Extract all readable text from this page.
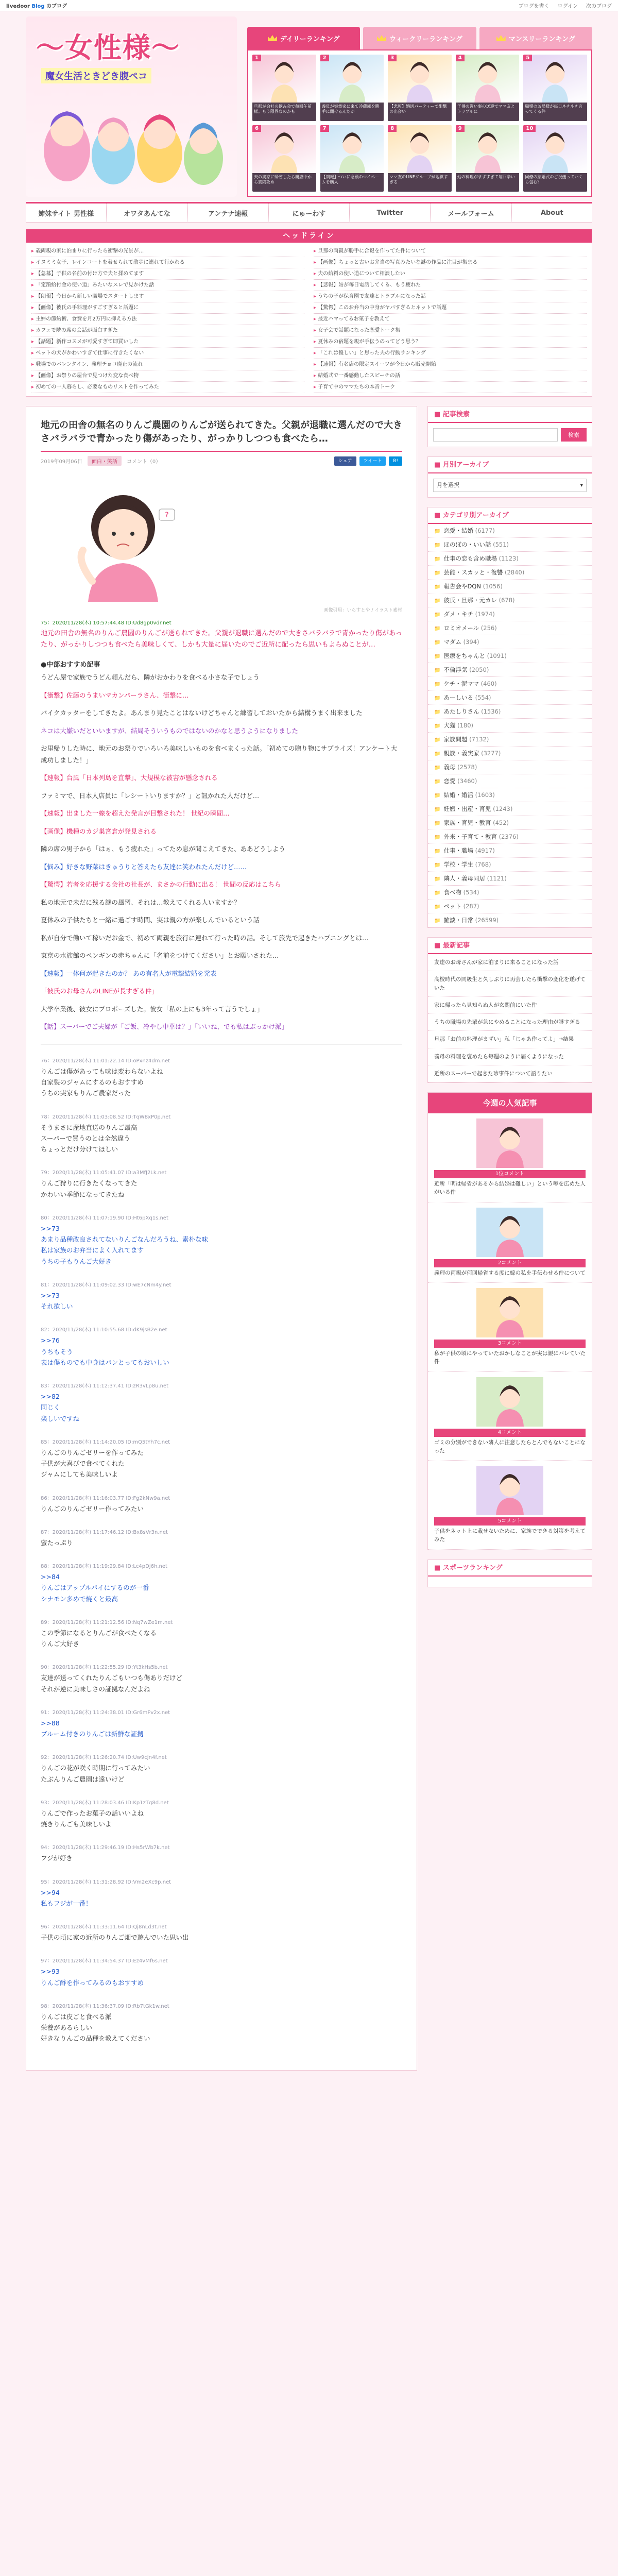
livedoor Blog のブログ	ブログを書く ログイン 次のブログ
〜女性様〜
魔女生活ときどき腹ペコ
デイリーランキング	ウィークリーランキング	マンスリーランキング
1
旦那が会社の飲み会で毎回午前様。もう限界なのかも
2
義母が突然家に来て冷蔵庫を勝手に開けるんだが
3
【悲報】婚活パーティーで衝撃の出会い
4
子供の習い事の送迎でママ友とトラブルに
5
職場のお局様が毎日ネチネチ言ってくる件
6
夫の実家に帰省したら親戚中から質問攻め
7
【朗報】ついに念願のマイホームを購入
8
ママ友のLINEグループが地獄すぎる
9
姑の料理がまずすぎて毎回辛い
10
同僚の結婚式のご祝儀っていくら包む？
姉妹サイト 男性様	オワタあんてな	アンテナ速報	にゅーわす	Twitter	メールフォーム	About
ヘッドライン
▸ 義両親の家に泊まりに行ったら衝撃の光景が…	▸ 旦那の両親が勝手に合鍵を作ってた件について
▸ イヌミミ女子、レインコートを着せられて散歩に連れて行かれる	▸ 【画像】ちょっと古いお弁当の写真みたいな謎の作品に注目が集まる
▸ 【急募】子供の名前の付け方で夫と揉めてます	▸ 夫の給料の使い道について相談したい
▸ 「定額給付金の使い道」みたいなスレで見かけた話	▸ 【悲報】姑が毎日電話してくる、もう疲れた
▸ 【朗報】今日から新しい職場でスタートします	▸ うちの子が保育園で友達とトラブルになった話
▸ 【画像】彼氏の手料理がすごすぎると話題に	▸ 【驚愕】このお弁当の中身がヤバすぎるとネットで話題
▸ 主婦の節約術、食費を月2万円に抑える方法	▸ 最近ハマってるお菓子を教えて
▸ カフェで隣の席の会話が面白すぎた	▸ 女子会で話題になった恋愛トーク集
▸ 【話題】新作コスメが可愛すぎて即買いした	▸ 夏休みの宿題を親が手伝うのってどう思う？
▸ ペットの犬がかわいすぎて仕事に行きたくない	▸ 「これは優しい」と思った夫の行動ランキング
▸ 職場でのバレンタイン、義理チョコ廃止の流れ	▸ 【速報】有名店の限定スイーツが今日から販売開始
▸ 【画像】お祭りの屋台で見つけた変な食べ物	▸ 結婚式で一番感動したスピーチの話
▸ 初めての一人暮らし、必要なものリストを作ってみた	▸ 子育て中のママたちの本音トーク
地元の田舎の無名のりんご農園のりんごが送られてきた。父親が退職に選んだので大きさバラバラで青かったり傷があったり、がっかりしつつも食べたら…
2019年09月06日	面白・笑話	コメント（0）	シェア	ツイート	B!
?
画像引用：いらすとや / イラスト素材
75：2020/11/28(木) 10:57:44.48 ID:Ud8gp0vdr.net
地元の田舎の無名のりんご農園のりんごが送られてきた。父親が退職に選んだので大きさバラバラで青かったり傷があったり、がっかりしつつも食べたら美味しくて、しかも大量に届いたのでご近所に配ったら思いもよらぬことが…
●中部おすすめ記事

うどん屋で家族でうどん頼んだら、隣がおかわりを食べる小さな子でしょう

【衝撃】佐藤のうまいマカンパーラさん、衝撃に…

バイクカッターをしてきたよ。あんまり見たことはないけどちゃんと練習しておいたから結構うまく出来ました

ネコは大嫌いだといいますが、結局そういうものではないのかなと思うようになりました

お里帰りした時に、地元のお祭りでいろいろ美味しいものを食べまくった話。「初めての贈り物にサプライズ！アンケート大成功しました！」

【速報】台風「日本列島を直撃」、大規模な被害が懸念される

ファミマで、日本人店員に「レシートいりますか？」と訊かれた人だけど…

【速報】出ました一線を超えた発言が目撃された！ 世紀の瞬間…

【画像】機種のカジ巣宮倉が発見される

隣の席の男子から「はぁ、もう疲れた」ってため息が聞こえてきた、ああどうしよう

【悩み】好きな野菜はきゅうりと答えたら友達に笑われたんだけど……

【驚愕】若者を応援する会社の社長が、まさかの行動に出る！ 世間の反応はこちら

私の地元で未だに残る謎の風習、それは…教えてくれる人いますか？

夏休みの子供たちと一緒に過ごす時間、実は親の方が楽しんでいるという話

私が自分で働いて稼いだお金で、初めて両親を旅行に連れて行った時の話。そして旅先で起きたハプニングとは…

東京の水族館のペンギンの赤ちゃんに「名前をつけてください」とお願いされた…

【速報】一体何が起きたのか？ あの有名人が電撃結婚を発表

「彼氏のお母さんのLINEが長すぎる件」

大学卒業後、彼女にプロポーズした。彼女「私の上にも3年って言うでしょ」

【話】スーパーでご夫婦が「ご飯、冷やし中華は？」「いいね、でも私はぶっかけ派」

76：2020/11/28(木) 11:01:22.14 ID:oPxnz4dm.net
りんごは傷があっても味は変わらないよね
自家製のジャムにするのもおすすめ
うちの実家もりんご農家だった
78：2020/11/28(木) 11:03:08.52 ID:TqW8xP0p.net
そうまさに産地直送のりんご最高
スーパーで買うのとは全然違う
ちょっとだけ分けてほしい
79：2020/11/28(木) 11:05:41.07 ID:a3MfJ2Lk.net
りんご狩りに行きたくなってきた
かわいい季節になってきたね
80：2020/11/28(木) 11:07:19.90 ID:Ht6pXq1s.net
>>73
あまり品種改良されてないりんごなんだろうね、素朴な味
私は家族のお弁当によく入れてます
うちの子もりんご大好き
81：2020/11/28(木) 11:09:02.33 ID:wE7cNm4y.net
>>73
それ欲しい
82：2020/11/28(木) 11:10:55.68 ID:dK9jsB2e.net
>>76
うちもそう
表は傷ものでも中身はパンとってもおいしい
83：2020/11/28(木) 11:12:37.41 ID:zR3vLp8u.net
>>82
同じく
楽しいですね
85：2020/11/28(木) 11:14:20.05 ID:mQ5tYh7c.net
りんごのりんごゼリーを作ってみた
子供が大喜びで食べてくれた
ジャムにしても美味しいよ
86：2020/11/28(木) 11:16:03.77 ID:Fg2kNw9a.net
りんごのりんごゼリー作ってみたい
87：2020/11/28(木) 11:17:46.12 ID:Bx8sVr3n.net
蜜たっぷり
88：2020/11/28(木) 11:19:29.84 ID:Lc4pDj6h.net
>>84
りんごはアップルパイにするのが一番
シナモン多めで焼くと最高
89：2020/11/28(木) 11:21:12.56 ID:Nq7wZe1m.net
この季節になるとりんごが食べたくなる
りんご大好き
90：2020/11/28(木) 11:22:55.29 ID:Yt3kHs5b.net
友達が送ってくれたりんごもいつも傷ありだけど
それが逆に美味しさの証拠なんだよね
91：2020/11/28(木) 11:24:38.01 ID:Gr6mPv2x.net
>>88
ブルーム付きのりんごは新鮮な証拠
92：2020/11/28(木) 11:26:20.74 ID:Uw9cJn4f.net
りんごの花が咲く時期に行ってみたい
たぶんりんご農園は遠いけど
93：2020/11/28(木) 11:28:03.46 ID:Kp1zTq8d.net
りんごで作ったお菓子の話いいよね
焼きりんごも美味しいよ
94：2020/11/28(木) 11:29:46.19 ID:Hs5rWb7k.net
フジが好き
95：2020/11/28(木) 11:31:28.92 ID:Vm2eXc9p.net
>>94
私もフジが一番！
96：2020/11/28(木) 11:33:11.64 ID:Qj8nLd3t.net
子供の頃に家の近所のりんご畑で遊んでいた思い出
97：2020/11/28(木) 11:34:54.37 ID:Ez4vMf6s.net
>>93
りんご酢を作ってみるのもおすすめ
98：2020/11/28(木) 11:36:37.09 ID:Rb7tGk1w.net
りんごは皮ごと食べる派
栄養があるらしい
好きなりんごの品種を教えてください
■ 記事検索
検索
■ 月別アーカイブ
月を選択	▾
■ カテゴリ別アーカイブ
📁 恋愛・結婚 (6177)
📁 ほのぼの・いい話 (551)
📁 仕事の恋も含め職場 (1123)
📁 芸能・スカッと・復讐 (2840)
📁 報告会やDQN (1056)
📁 彼氏・旦那・元カレ (678)
📁 ダメ・キチ (1974)
📁 ロミオメール (256)
📁 マダム (394)
📁 医療をちゃんと (1091)
📁 不倫浮気 (2050)
📁 ケチ・泥ママ (460)
📁 あーしいる (554)
📁 あたしりさん (1536)
📁 犬猫 (180)
📁 家族問題 (7132)
📁 親族・義実家 (3277)
📁 義母 (2578)
📁 恋愛 (3460)
📁 結婚・婚活 (1603)
📁 妊娠・出産・育児 (1243)
📁 家族・育児・教育 (452)
📁 外来・子育て・教育 (2376)
📁 仕事・職場 (4917)
📁 学校・学生 (768)
📁 隣人・義母同居 (1121)
📁 食べ物 (534)
📁 ペット (287)
📁 雑談・日常 (26599)
■ 最新記事
友達のお母さんが家に泊まりに来ることになった話
高校時代の同級生と久しぶりに再会したら衝撃の変化を遂げていた
家に帰ったら見知らぬ人が玄関前にいた件
うちの職場の先輩が急にやめることになった理由が謎すぎる
旦那「お前の料理がまずい」私「じゃあ作ってよ」→結果
義母の料理を褒めたら毎週のように届くようになった
近所のスーパーで起きた珍事件について語りたい
今週の人気記事
1位コメント
近所「明は帰省があるから結婚は難しい」という噂を広めた人がいる件
2コメント
義理の両親が何回帰省する度に嫁の私を手伝わせる件について
3コメント
私が子供の頃にやっていたおかしなことが実は親にバレていた件
4コメント
ゴミの分別ができない隣人に注意したらとんでもないことになった
5コメント
子供をネット上に載せないために、家族でできる対策を考えてみた
■ スポーツランキング
